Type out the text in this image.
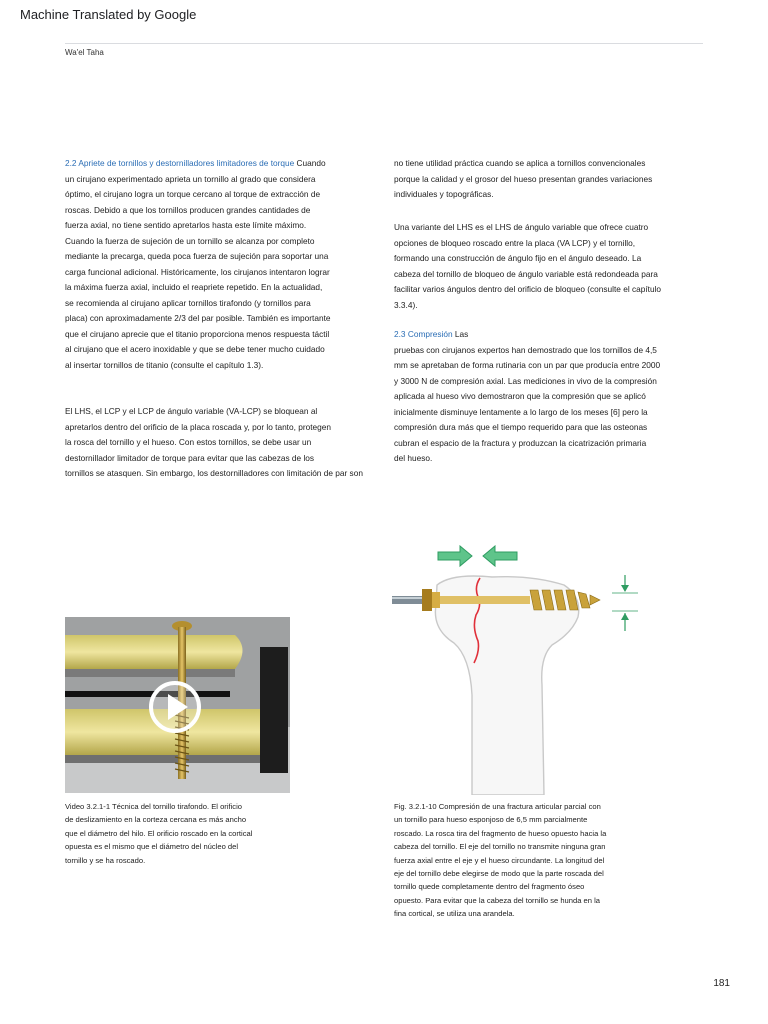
Machine Translated by Google
Wa'el Taha

2.2 Apriete de tornillos y destornilladores limitadores de torque Cuando

un cirujano experimentado aprieta un tornillo al grado que considera

óptimo, el cirujano logra un torque cercano al torque de extracción de

roscas. Debido a que los tornillos producen grandes cantidades de

fuerza axial, no tiene sentido apretarlos hasta este límite máximo.

Cuando la fuerza de sujeción de un tornillo se alcanza por completo

mediante la precarga, queda poca fuerza de sujeción para soportar una

carga funcional adicional. Históricamente, los cirujanos intentaron lograr

la máxima fuerza axial, incluido el reapriete repetido. En la actualidad,

se recomienda al cirujano aplicar tornillos tirafondo (y tornillos para

placa) con aproximadamente 2/3 del par posible. También es importante

que el cirujano aprecie que el titanio proporciona menos respuesta táctil

al cirujano que el acero inoxidable y que se debe tener mucho cuidado

al insertar tornillos de titanio (consulte el capítulo 1.3).

El LHS, el LCP y el LCP de ángulo variable (VA-LCP) se bloquean al

apretarlos dentro del orificio de la placa roscada y, por lo tanto, protegen

la rosca del tornillo y el hueso. Con estos tornillos, se debe usar un

destornillador limitador de torque para evitar que las cabezas de los

tornillos se atasquen. Sin embargo, los destornilladores con limitación de par son

no tiene utilidad práctica cuando se aplica a tornillos convencionales

porque la calidad y el grosor del hueso presentan grandes variaciones

individuales y topográficas.

Una variante del LHS es el LHS de ángulo variable que ofrece cuatro

opciones de bloqueo roscado entre la placa (VA LCP) y el tornillo,

formando una construcción de ángulo fijo en el ángulo deseado. La

cabeza del tornillo de bloqueo de ángulo variable está redondeada para

facilitar varios ángulos dentro del orificio de bloqueo (consulte el capítulo

3.3.4).

2.3 Compresión Las

pruebas con cirujanos expertos han demostrado que los tornillos de 4,5

mm se apretaban de forma rutinaria con un par que producía entre 2000

y 3000 N de compresión axial. Las mediciones in vivo de la compresión

aplicada al hueso vivo demostraron que la compresión que se aplicó

inicialmente disminuye lentamente a lo largo de los meses [6] pero la

compresión dura más que el tiempo requerido para que las osteonas

cubran el espacio de la fractura y produzcan la cicatrización primaria

del hueso.

Video 3.2.1-1 Técnica del tornillo tirafondo. El orificio
de deslizamiento en la corteza cercana es más ancho
que el diámetro del hilo. El orificio roscado en la cortical
opuesta es el mismo que el diámetro del núcleo del
tornillo y se ha roscado.
Fig. 3.2.1-10 Compresión de una fractura articular parcial con
un tornillo para hueso esponjoso de 6,5 mm parcialmente
roscado. La rosca tira del fragmento de hueso opuesto hacia la
cabeza del tornillo. El eje del tornillo no transmite ninguna gran
fuerza axial entre el eje y el hueso circundante. La longitud del
eje del tornillo debe elegirse de modo que la parte roscada del
tornillo quede completamente dentro del fragmento óseo
opuesto. Para evitar que la cabeza del tornillo se hunda en la
fina cortical, se utiliza una arandela.
181
